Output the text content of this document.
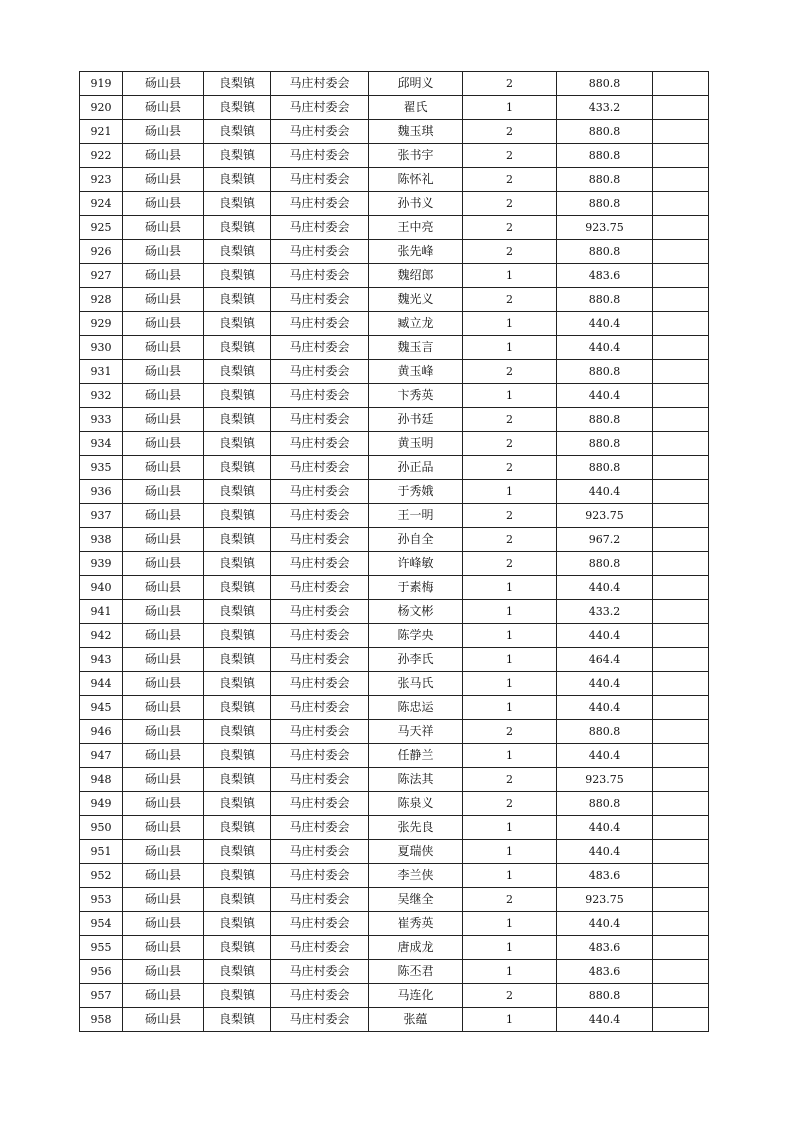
919	砀山县	良梨镇	马庄村委会	邱明义	2	880.8	
920	砀山县	良梨镇	马庄村委会	翟氏	1	433.2	
921	砀山县	良梨镇	马庄村委会	魏玉琪	2	880.8	
922	砀山县	良梨镇	马庄村委会	张书宇	2	880.8	
923	砀山县	良梨镇	马庄村委会	陈怀礼	2	880.8	
924	砀山县	良梨镇	马庄村委会	孙书义	2	880.8	
925	砀山县	良梨镇	马庄村委会	王中亮	2	923.75	
926	砀山县	良梨镇	马庄村委会	张先峰	2	880.8	
927	砀山县	良梨镇	马庄村委会	魏绍郎	1	483.6	
928	砀山县	良梨镇	马庄村委会	魏光义	2	880.8	
929	砀山县	良梨镇	马庄村委会	臧立龙	1	440.4	
930	砀山县	良梨镇	马庄村委会	魏玉言	1	440.4	
931	砀山县	良梨镇	马庄村委会	黄玉峰	2	880.8	
932	砀山县	良梨镇	马庄村委会	卞秀英	1	440.4	
933	砀山县	良梨镇	马庄村委会	孙书廷	2	880.8	
934	砀山县	良梨镇	马庄村委会	黄玉明	2	880.8	
935	砀山县	良梨镇	马庄村委会	孙正品	2	880.8	
936	砀山县	良梨镇	马庄村委会	于秀娥	1	440.4	
937	砀山县	良梨镇	马庄村委会	王一明	2	923.75	
938	砀山县	良梨镇	马庄村委会	孙自全	2	967.2	
939	砀山县	良梨镇	马庄村委会	许峰敏	2	880.8	
940	砀山县	良梨镇	马庄村委会	于素梅	1	440.4	
941	砀山县	良梨镇	马庄村委会	杨文彬	1	433.2	
942	砀山县	良梨镇	马庄村委会	陈学央	1	440.4	
943	砀山县	良梨镇	马庄村委会	孙李氏	1	464.4	
944	砀山县	良梨镇	马庄村委会	张马氏	1	440.4	
945	砀山县	良梨镇	马庄村委会	陈忠运	1	440.4	
946	砀山县	良梨镇	马庄村委会	马天祥	2	880.8	
947	砀山县	良梨镇	马庄村委会	任静兰	1	440.4	
948	砀山县	良梨镇	马庄村委会	陈法其	2	923.75	
949	砀山县	良梨镇	马庄村委会	陈泉义	2	880.8	
950	砀山县	良梨镇	马庄村委会	张先良	1	440.4	
951	砀山县	良梨镇	马庄村委会	夏瑞侠	1	440.4	
952	砀山县	良梨镇	马庄村委会	李兰侠	1	483.6	
953	砀山县	良梨镇	马庄村委会	吴继全	2	923.75	
954	砀山县	良梨镇	马庄村委会	崔秀英	1	440.4	
955	砀山县	良梨镇	马庄村委会	唐成龙	1	483.6	
956	砀山县	良梨镇	马庄村委会	陈丕君	1	483.6	
957	砀山县	良梨镇	马庄村委会	马连化	2	880.8	
958	砀山县	良梨镇	马庄村委会	张蕴	1	440.4	
